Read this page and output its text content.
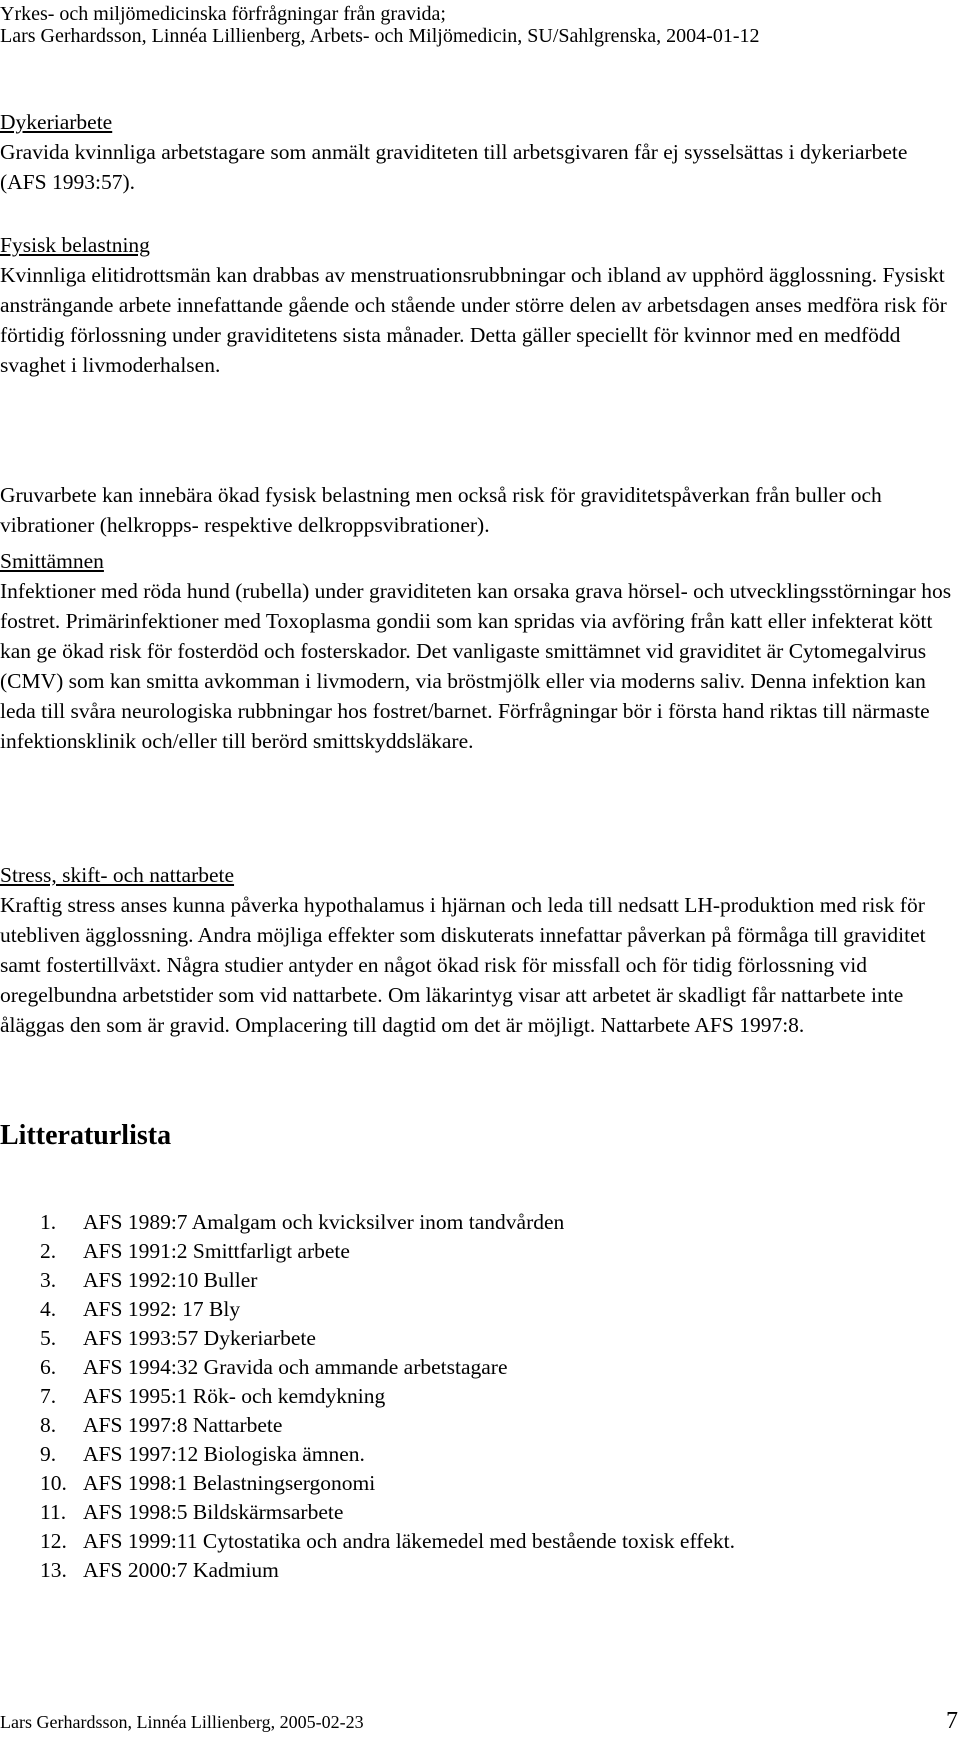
Yrkes- och miljömedicinska förfrågningar från gravida;
Lars Gerhardsson, Linnéa Lillienberg, Arbets- och Miljömedicin, SU/Sahlgrenska, 2004-01-12

Dykeriarbete

Gravida kvinnliga arbetstagare som anmält graviditeten till arbetsgivaren får ej sysselsättas i dykeriarbete (AFS 1993:57).

Fysisk belastning

Kvinnliga elitidrottsmän kan drabbas av menstruationsrubbningar och ibland av upphörd ägglossning. Fysiskt ansträngande arbete innefattande gående och stående under större delen av arbetsdagen anses medföra risk för förtidig förlossning under graviditetens sista månader. Detta gäller speciellt för kvinnor med en medfödd svaghet i livmoderhalsen.

Gruvarbete kan innebära ökad fysisk belastning men också risk för graviditetspåverkan från buller och vibrationer (helkropps- respektive delkroppsvibrationer).

Smittämnen

Infektioner med röda hund (rubella) under graviditeten kan orsaka grava hörsel- och utvecklingsstörningar hos fostret. Primärinfektioner med Toxoplasma gondii som kan spridas via avföring från katt eller infekterat kött kan ge ökad risk för fosterdöd och fosterskador. Det vanligaste smittämnet vid graviditet är Cytomegalvirus (CMV) som kan smitta avkomman i livmodern, via bröstmjölk eller via moderns saliv. Denna infektion kan leda till svåra neurologiska rubbningar hos fostret/barnet. Förfrågningar bör i första hand riktas till närmaste infektionsklinik och/eller till berörd smittskyddsläkare.

Stress, skift- och nattarbete

Kraftig stress anses kunna påverka hypothalamus i hjärnan och leda till nedsatt LH-produktion med risk för utebliven ägglossning. Andra möjliga effekter som diskuterats innefattar påverkan på förmåga till graviditet samt fostertillväxt. Några studier antyder en något ökad risk för missfall och för tidig förlossning vid oregelbundna arbetstider som vid nattarbete. Om läkarintyg visar att arbetet är skadligt får nattarbete inte åläggas den som är gravid. Omplacering till dagtid om det är möjligt. Nattarbete AFS 1997:8.

Litteraturlista
1. AFS 1989:7 Amalgam och kvicksilver inom tandvården
2. AFS 1991:2 Smittfarligt arbete
3. AFS 1992:10 Buller
4. AFS 1992: 17 Bly
5. AFS 1993:57 Dykeriarbete
6. AFS 1994:32 Gravida och ammande arbetstagare
7. AFS 1995:1 Rök- och kemdykning
8. AFS 1997:8 Nattarbete
9. AFS 1997:12 Biologiska ämnen.
10. AFS 1998:1 Belastningsergonomi
11. AFS 1998:5 Bildskärmsarbete
12. AFS 1999:11 Cytostatika och andra läkemedel med bestående toxisk effekt.
13. AFS 2000:7 Kadmium
Lars Gerhardsson, Linnéa Lillienberg, 2005-02-23	7
